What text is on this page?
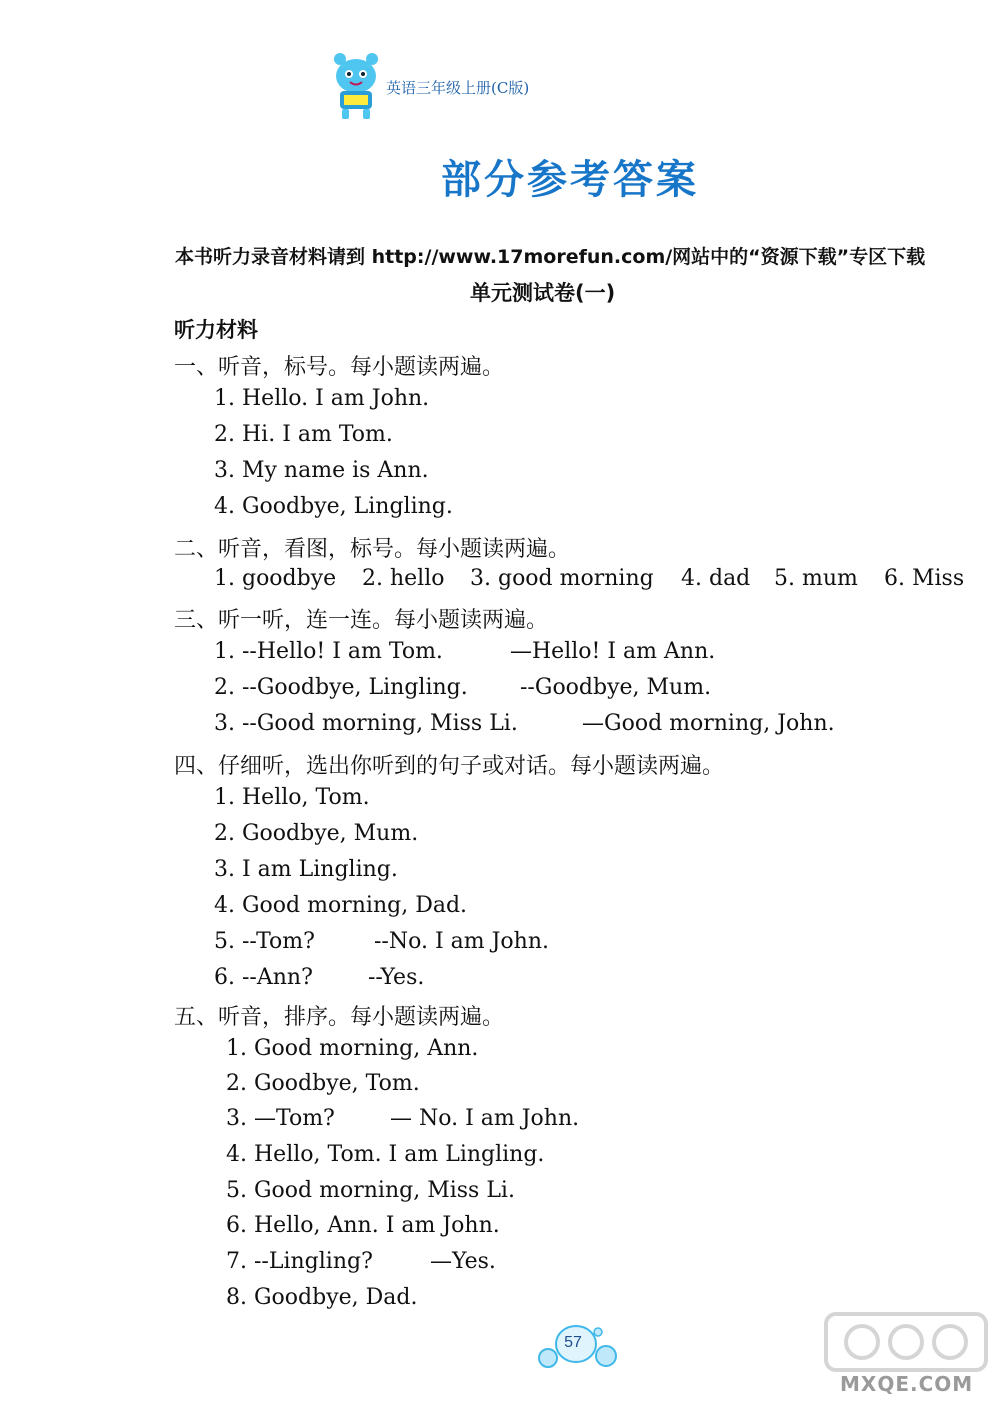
英语三年级上册(C版)
部分参考答案
本书听力录音材料请到 http://www.17morefun.com/网站中的“资源下载”专区下载
单元测试卷(一)
听力材料
一、听音，标号。每小题读两遍。
1. Hello. I am John.
2. Hi. I am Tom.
3. My name is Ann.
4. Goodbye, Lingling.
二、听音，看图，标号。每小题读两遍。
1. goodbye 2. hello 3. good morning 4. dad 5. mum 6. Miss
三、听一听，连一连。每小题读两遍。
1. --Hello! I am Tom.	—Hello! I am Ann.
2. --Goodbye, Lingling. --Goodbye, Mum.
3. --Good morning, Miss Li.	—Good morning, John.
四、仔细听，选出你听到的句子或对话。每小题读两遍。
1. Hello, Tom.
2. Goodbye, Mum.
3. I am Lingling.
4. Good morning, Dad.
5. --Tom?	--No. I am John.
6. --Ann?	--Yes.
五、听音，排序。每小题读两遍。
1. Good morning, Ann.
2. Goodbye, Tom.
3. —Tom?	— No. I am John.
4. Hello, Tom. I am Lingling.
5. Good morning, Miss Li.
6. Hello, Ann. I am John.
7. --Lingling?	—Yes.
8. Goodbye, Dad.
57
MXQE.COM
